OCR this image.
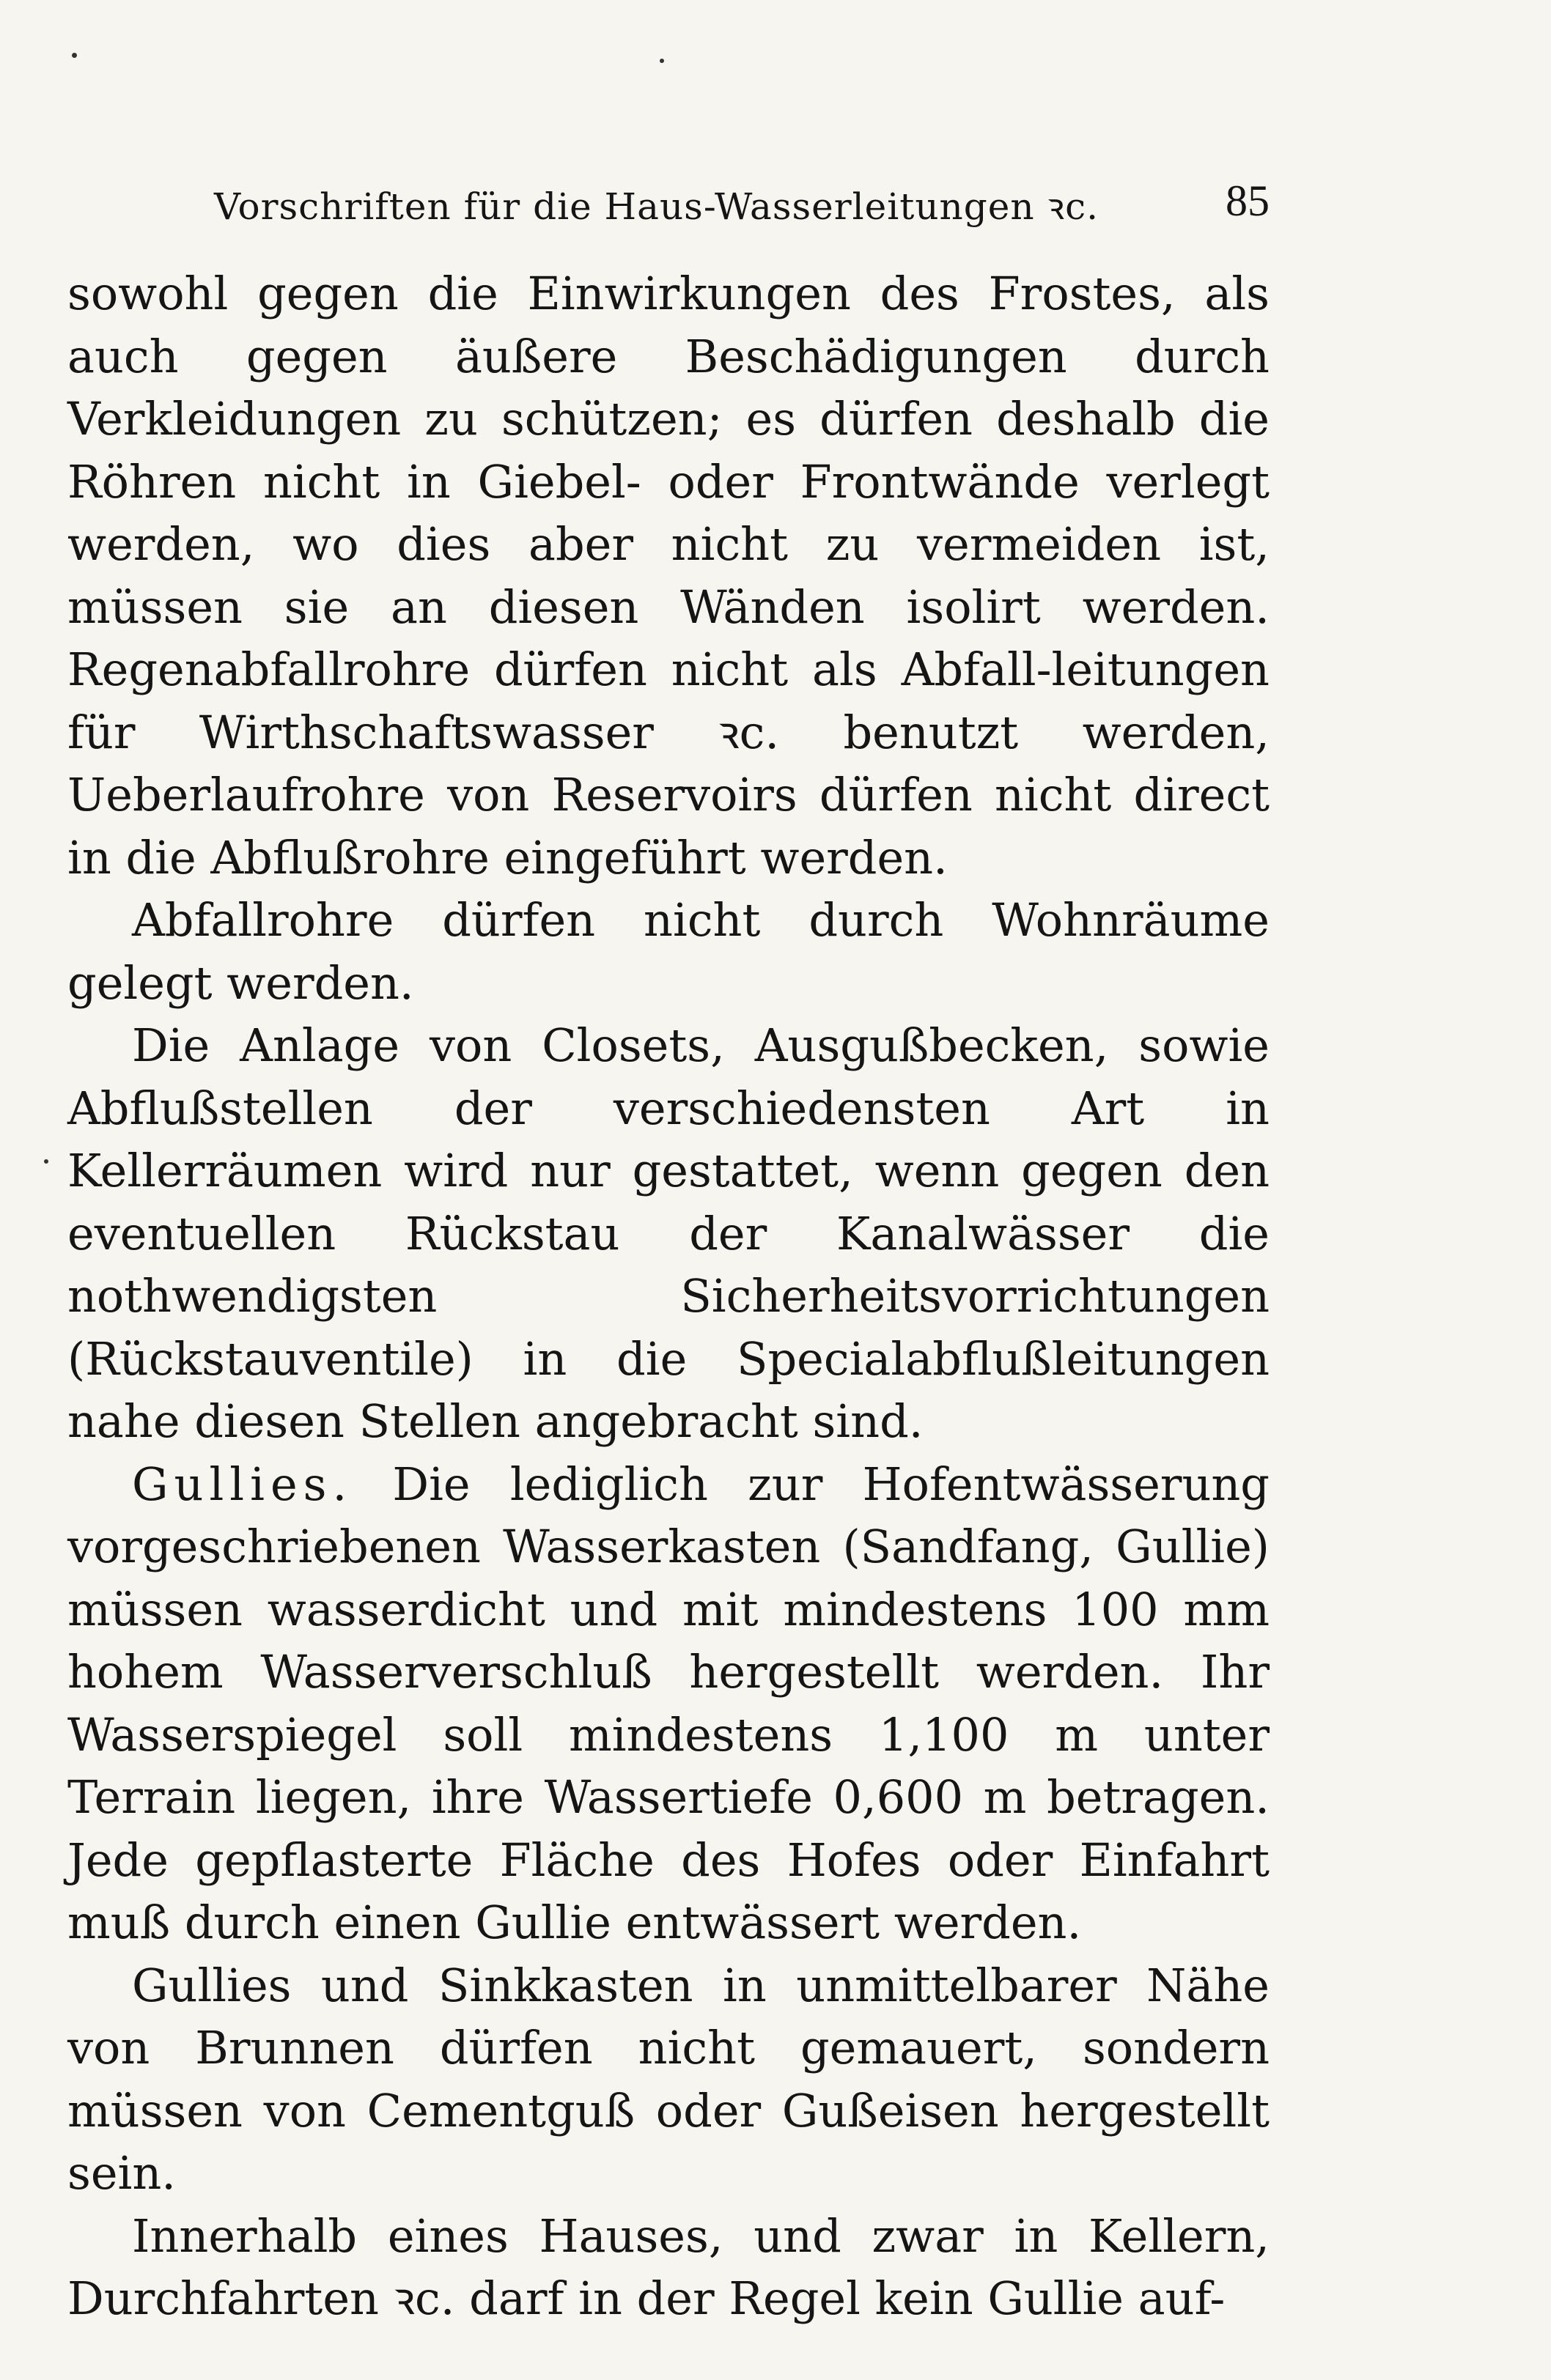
Vorschriften für die Haus-Wasserleitungen ꝛc.	85

sowohl gegen die Einwirkungen des Frostes, als auch gegen äußere Beschädigungen durch Verkleidungen zu schützen; es dürfen deshalb die Röhren nicht in Giebel- oder Frontwände verlegt werden, wo dies aber nicht zu vermeiden ist, müssen sie an diesen Wänden isolirt werden. Regenabfallrohre dürfen nicht als Abfall-leitungen für Wirthschaftswasser ꝛc. benutzt werden, Ueberlaufrohre von Reservoirs dürfen nicht direct in die Abflußrohre eingeführt werden.

Abfallrohre dürfen nicht durch Wohnräume gelegt werden.

Die Anlage von Closets, Ausgußbecken, sowie Abflußstellen der verschiedensten Art in Kellerräumen wird nur gestattet, wenn gegen den eventuellen Rückstau der Kanalwässer die nothwendigsten Sicherheitsvorrichtungen (Rückstauventile) in die Specialabflußleitungen nahe diesen Stellen angebracht sind.

Gullies. Die lediglich zur Hofentwässerung vorgeschriebenen Wasserkasten (Sandfang, Gullie) müssen wasserdicht und mit mindestens 100 mm hohem Wasserverschluß hergestellt werden. Ihr Wasserspiegel soll mindestens 1,100 m unter Terrain liegen, ihre Wassertiefe 0,600 m betragen. Jede gepflasterte Fläche des Hofes oder Einfahrt muß durch einen Gullie entwässert werden.

Gullies und Sinkkasten in unmittelbarer Nähe von Brunnen dürfen nicht gemauert, sondern müssen von Cementguß oder Gußeisen hergestellt sein.

Innerhalb eines Hauses, und zwar in Kellern, Durchfahrten ꝛc. darf in der Regel kein Gullie auf-
